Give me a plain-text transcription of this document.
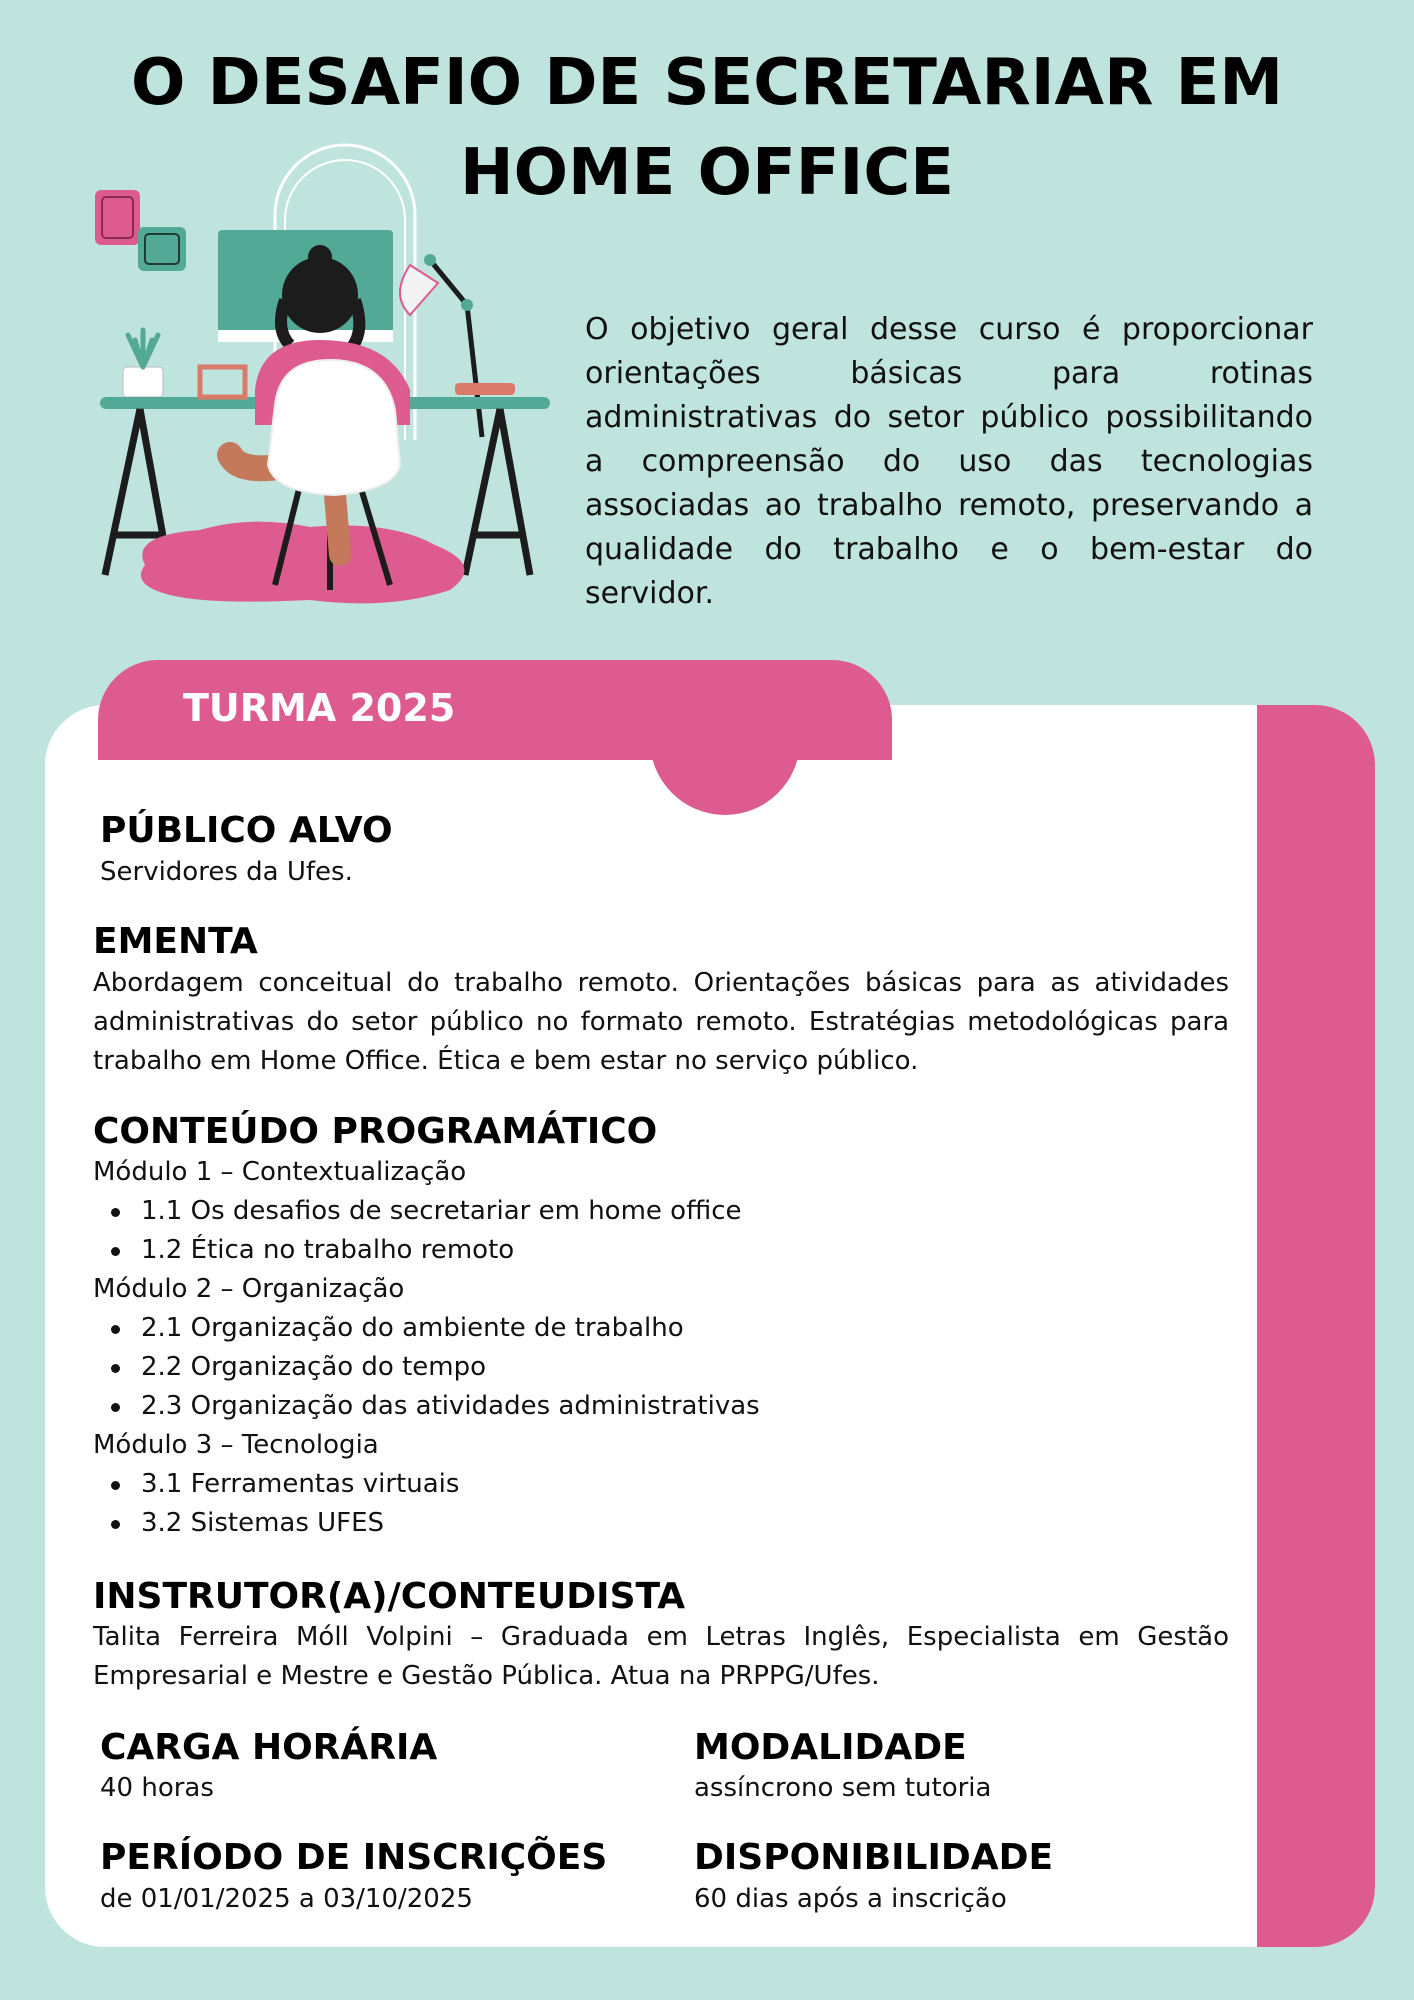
O DESAFIO DE SECRETARIAR EM HOME OFFICE
O objetivo geral desse curso é proporcionar orientações básicas para rotinas administrativas do setor público possibilitando a compreensão do uso das tecnologias associadas ao trabalho remoto, preservando a qualidade do trabalho e o bem-estar do servidor.
TURMA 2025
PÚBLICO ALVO
Servidores da Ufes.
EMENTA
Abordagem conceitual do trabalho remoto. Orientações básicas para as atividades administrativas do setor público no formato remoto. Estratégias metodológicas para trabalho em Home Office. Ética e bem estar no serviço público.
CONTEÚDO PROGRAMÁTICO
Módulo 1 – Contextualização
1.1 Os desafios de secretariar em home office
1.2 Ética no trabalho remoto
Módulo 2 – Organização
2.1 Organização do ambiente de trabalho
2.2 Organização do tempo
2.3 Organização das atividades administrativas
Módulo 3 – Tecnologia
3.1 Ferramentas virtuais
3.2 Sistemas UFES
INSTRUTOR(A)/CONTEUDISTA
Talita Ferreira Móll Volpini – Graduada em Letras Inglês, Especialista em Gestão Empresarial e Mestre e Gestão Pública. Atua na PRPPG/Ufes.
CARGA HORÁRIA
40 horas
MODALIDADE
assíncrono sem tutoria
PERÍODO DE INSCRIÇÕES
de 01/01/2025 a 03/10/2025
DISPONIBILIDADE
60 dias após a inscrição
